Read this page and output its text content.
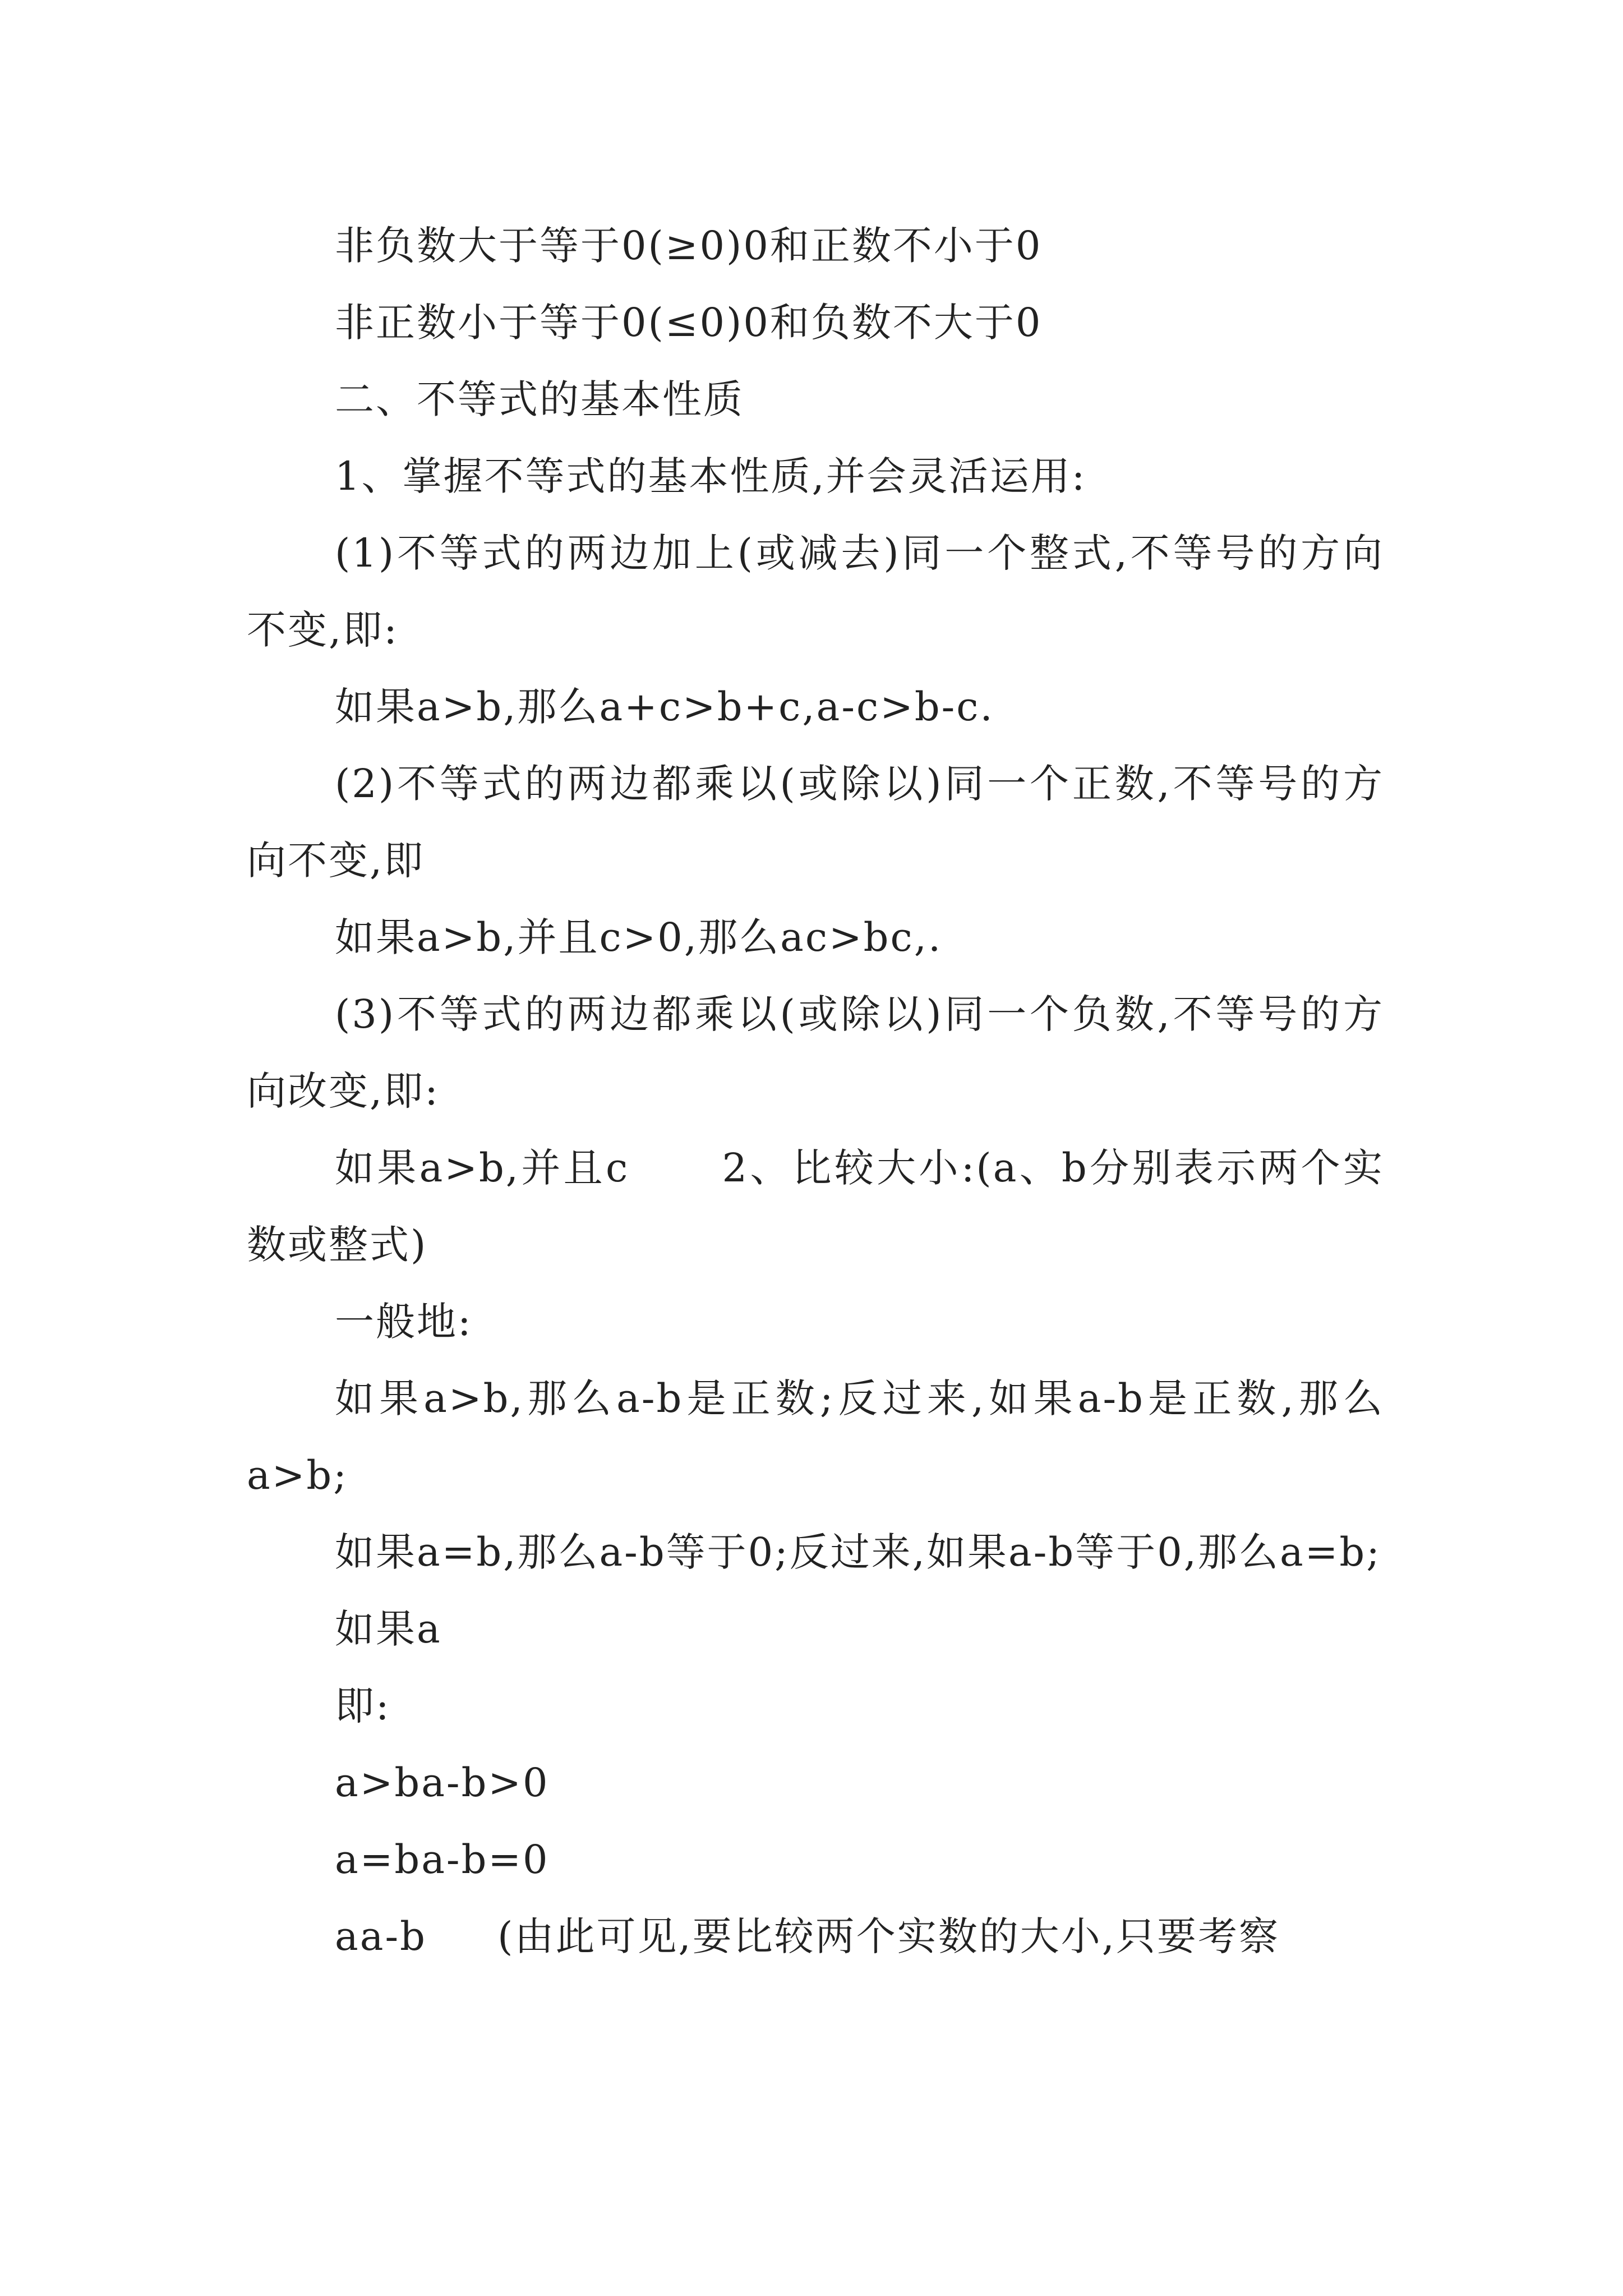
非负数大于等于0(≥0)0和正数不小于0

非正数小于等于0(≤0)0和负数不大于0

二、不等式的基本性质

1、掌握不等式的基本性质,并会灵活运用:

(1)不等式的两边加上(或减去)同一个整式,不等号的方向不变,即:

如果a>b,那么a+c>b+c,a-c>b-c.

(2)不等式的两边都乘以(或除以)同一个正数,不等号的方向不变,即

如果a>b,并且c>0,那么ac>bc,.

(3)不等式的两边都乘以(或除以)同一个负数,不等号的方向改变,即:

如果a>b,并且c      2、比较大小:(a、b分别表示两个实数或整式)

一般地:

如果a>b,那么a-b是正数;反过来,如果a-b是正数,那么a>b;

如果a=b,那么a-b等于0;反过来,如果a-b等于0,那么a=b;

如果a

即:

a>ba-b>0

a=ba-b=0

aa-b     (由此可见,要比较两个实数的大小,只要考察
